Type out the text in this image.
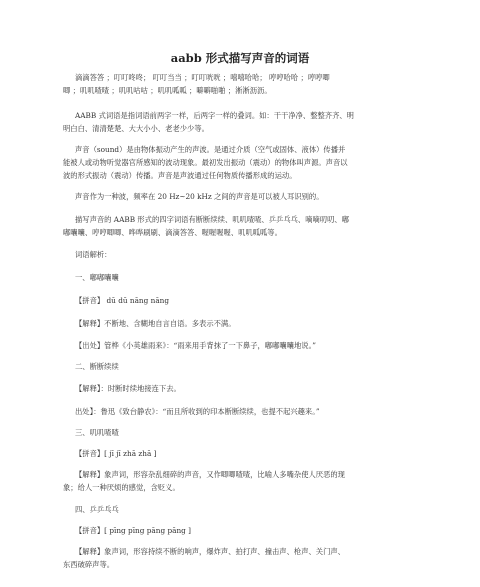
aabb 形式描写声音的词语
滴滴答答 ；叮叮咚咚； 叮叮当当 ；叮叮咣咣 ；嘻嘻哈哈； 哼哼哈哈 ；哼哼唧
唧 ；叽叽喳喳 ；叽叽咕咕 ；叽叽呱呱 ；噼噼啪啪 ；淅淅沥沥。
AABB 式词语是指词语前两字一样，后两字一样的叠词。如：干干净净、整整齐齐、明
明白白、清清楚楚、大大小小、老老少少等。
声音（sound）是由物体振动产生的声波。是通过介质（空气或固体、液体）传播并
能被人或动物听觉器官所感知的波动现象。最初发出振动（震动）的物体叫声源。声音以
波的形式振动（震动）传播。声音是声波通过任何物质传播形成的运动。
声音作为一种波，频率在 20 Hz~20 kHz 之间的声音是可以被人耳识别的。
描写声音的 AABB 形式的四字词语有断断续续、叽叽喳喳、乒乒乓乓、嘀嘀叨叨、嘟
嘟囔囔、哼哼唧唧、哗哗刷刷、滴滴答答、喔喔喔喔、叽叽呱呱等。
词语解析：
一、嘟嘟囔囔
【拼音】 dū dū nāng nāng
【解释】不断地、含糊地自言自语。多表示不满。
【出处】管桦《小英雄雨来》：“雨来用手背抹了一下鼻子，嘟嘟囔囔地说。”
二、断断续续
【解释】：时断时续地接连下去。
出处】：鲁迅《致台静农》：“而且所收到的印本断断续续，也提不起兴趣来。”
三、叽叽喳喳
【拼音】[ jī jī zhā zhā ]
【解释】象声词，形容杂乱细碎的声音，又作唧唧喳喳，比喻人多嘴杂使人厌恶的现
象；给人一种厌烦的感觉，含贬义。
四、乒乒乓乓
【拼音】[ pīng pīng pāng pāng ]
【解释】象声词，形容持续不断的响声，爆炸声、拍打声、撞击声、枪声、关门声、
东西破碎声等。
